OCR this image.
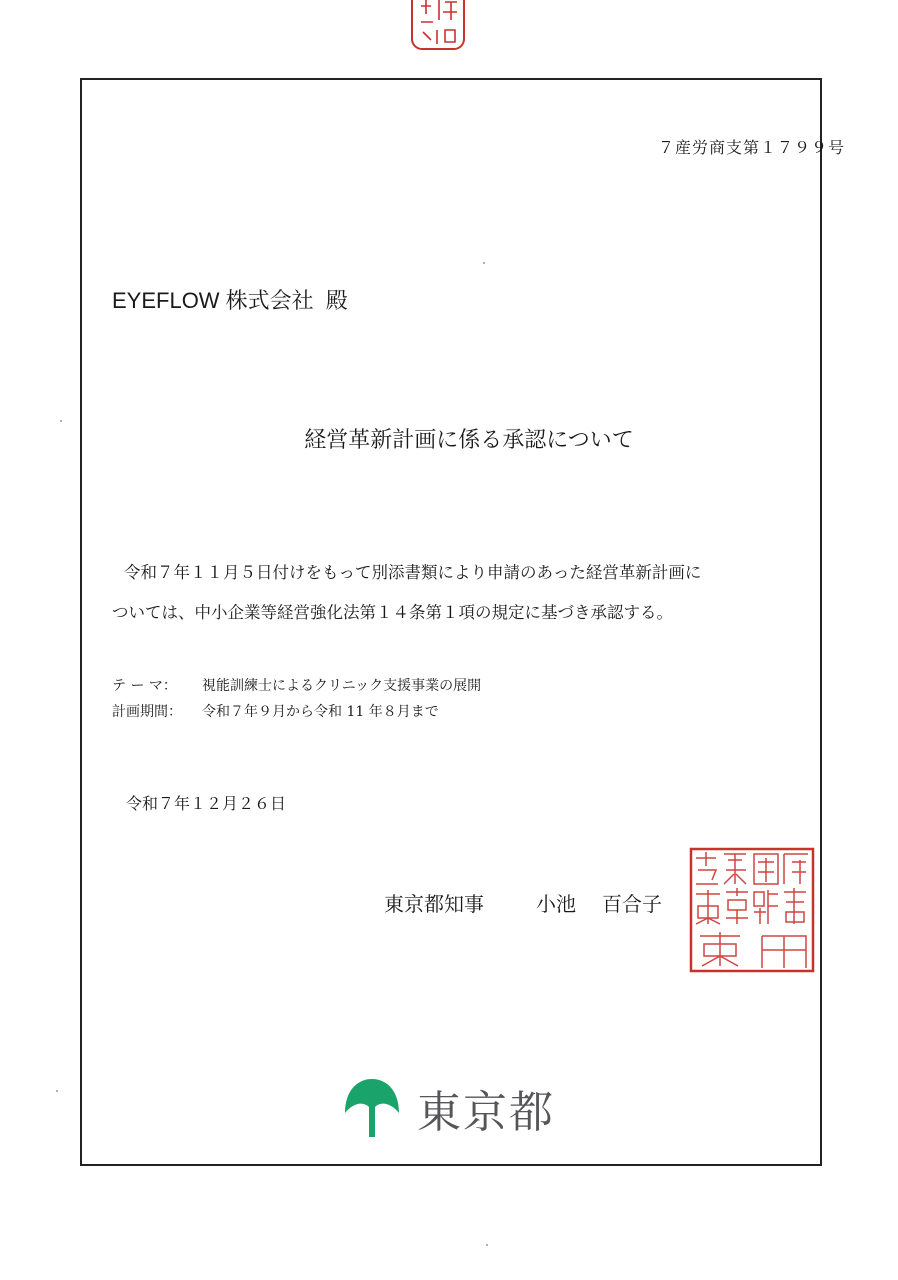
７産労商支第１７９９号
EYEFLOW 株式会社 殿
経営革新計画に係る承認について
令和７年１１月５日付けをもって別添書類により申請のあった経営革新計画に
ついては、中小企業等経営強化法第１４条第１項の規定に基づき承認する。
テ ー マ：	視能訓練士によるクリニック支援事業の展開
計画期間：	令和７年９月から令和 11 年８月まで
令和７年１２月２６日
東京都知事	小池 百合子
東京都
